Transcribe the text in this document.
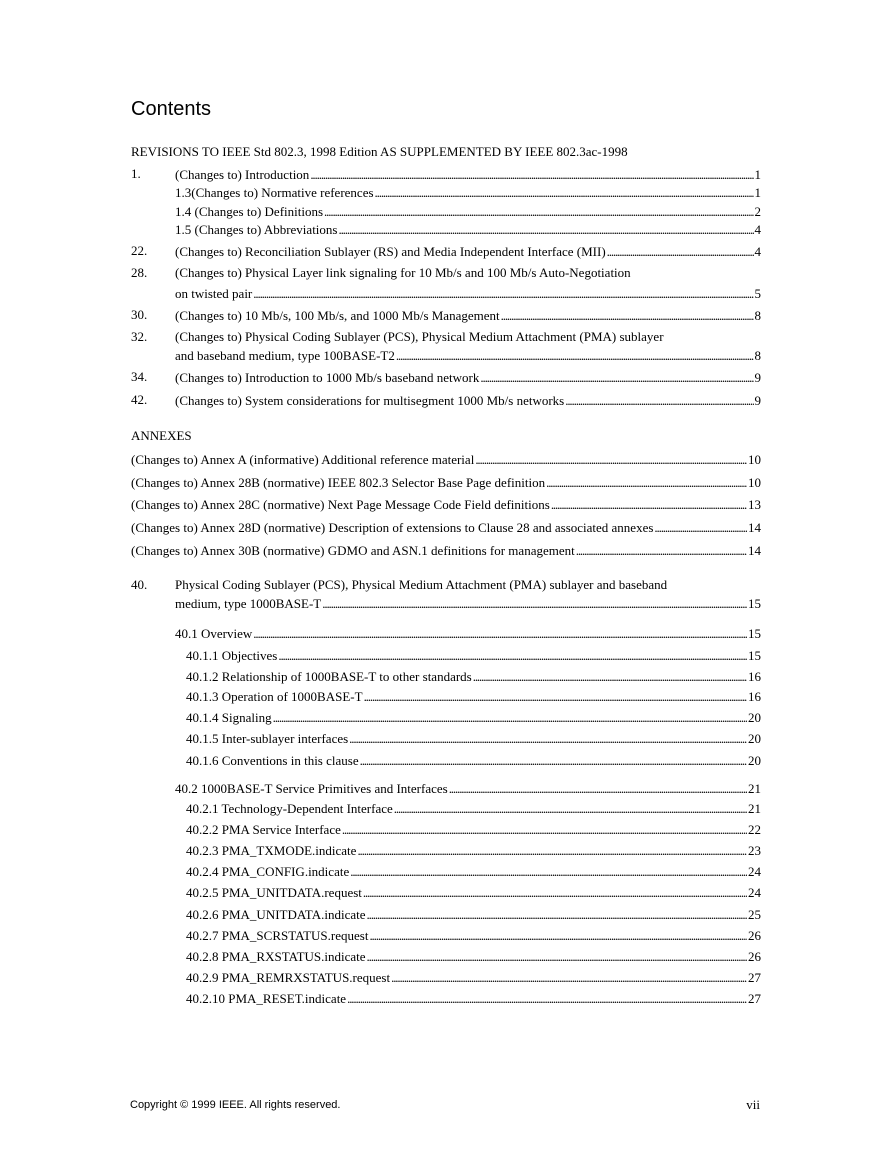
Contents
REVISIONS TO IEEE Std 802.3, 1998 Edition AS SUPPLEMENTED BY IEEE 802.3ac-1998
ANNEXES
1.	(Changes to) Introduction . . .	1
1.3(Changes to) Normative references . . .	1
1.4 (Changes to) Definitions . . .	2
1.5 (Changes to) Abbreviations . . .	4
22. (Changes to) Reconciliation Sublayer (RS) and Media Independent Interface (MII) . . .	4
28. (Changes to) Physical Layer link signaling for 10 Mb/s and 100 Mb/s Auto-Negotiation
on twisted pair . . .	5
30. (Changes to) 10 Mb/s, 100 Mb/s, and 1000 Mb/s Management . . .	8
32. (Changes to) Physical Coding Sublayer (PCS), Physical Medium Attachment (PMA) sublayer
and baseband medium, type 100BASE-T2 . . .	8
34. (Changes to) Introduction to 1000 Mb/s baseband network . . .	9
42. (Changes to) System considerations for multisegment 1000 Mb/s networks . . .	9
(Changes to) Annex A (informative) Additional reference material . . .	10
(Changes to) Annex 28B (normative) IEEE 802.3 Selector Base Page definition . . .	10
(Changes to) Annex 28C (normative) Next Page Message Code Field definitions . . .	13
(Changes to) Annex 28D (normative) Description of extensions to Clause 28 and associated annexes . . .	14
(Changes to) Annex 30B (normative) GDMO and ASN.1 definitions for management . . .	14
40. Physical Coding Sublayer (PCS), Physical Medium Attachment (PMA) sublayer and baseband
medium, type 1000BASE-T . . .	15
40.1 Overview . . .	15
40.1.1 Objectives . . .	15
40.1.2 Relationship of 1000BASE-T to other standards . . .	16
40.1.3 Operation of 1000BASE-T . . .	16
40.1.4 Signaling . . .	20
40.1.5 Inter-sublayer interfaces . . .	20
40.1.6 Conventions in this clause . . .	20
40.2 1000BASE-T Service Primitives and Interfaces . . .	21
40.2.1 Technology-Dependent Interface . . .	21
40.2.2 PMA Service Interface . . .	22
40.2.3 PMA_TXMODE.indicate . . .	23
40.2.4 PMA_CONFIG.indicate . . .	24
40.2.5 PMA_UNITDATA.request . . .	24
40.2.6 PMA_UNITDATA.indicate . . .	25
40.2.7 PMA_SCRSTATUS.request . . .	26
40.2.8 PMA_RXSTATUS.indicate . . .	26
40.2.9 PMA_REMRXSTATUS.request . . .	27
40.2.10 PMA_RESET.indicate . . .	27
Copyright © 1999 IEEE. All rights reserved.	vii
